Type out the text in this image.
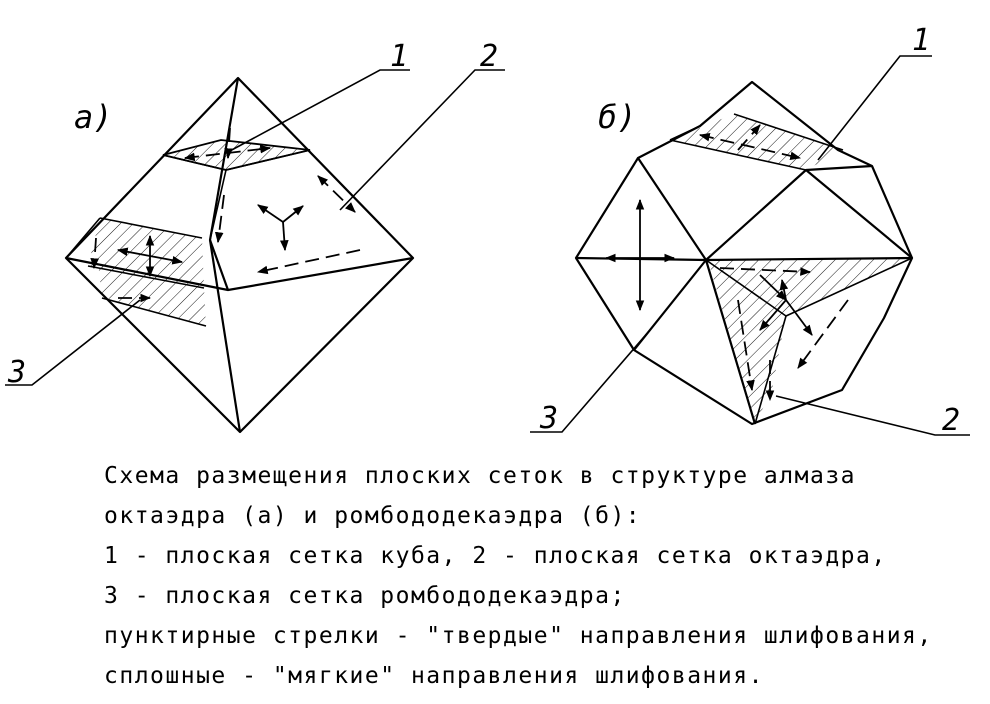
а)
1 2
3
б)
1
2
3
Схема размещения плоских сеток в структуре алмаза
октаэдра (а) и ромбододекаэдра (б):
1 - плоская сетка куба, 2 - плоская сетка октаэдра,
3 - плоская сетка ромбододекаэдра;
пунктирные стрелки - "твердые" направления шлифования,
сплошные - "мягкие" направления шлифования.
